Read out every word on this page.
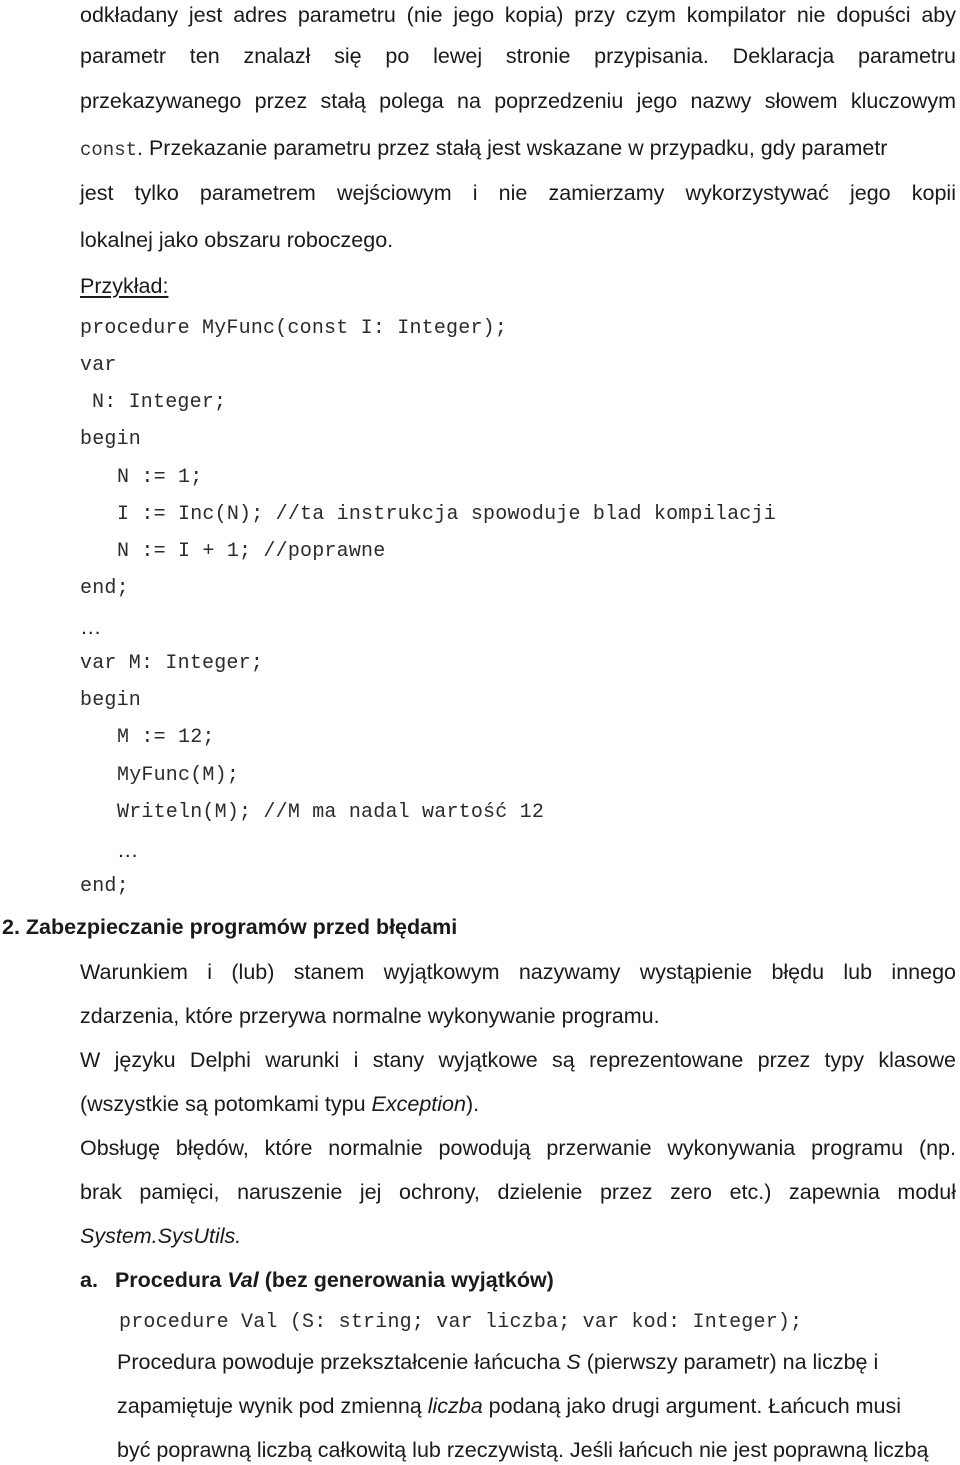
odkładany jest adres parametru (nie jego kopia) przy czym kompilator nie dopuści aby
parametr ten znalazł się po lewej stronie przypisania. Deklaracja parametru
przekazywanego przez stałą polega na poprzedzeniu jego nazwy słowem kluczowym
const. Przekazanie parametru przez stałą jest wskazane w przypadku, gdy parametr
jest tylko parametrem wejściowym i nie zamierzamy wykorzystywać jego kopii
lokalnej jako obszaru roboczego.
Przykład:
procedure MyFunc(const I: Integer);
var
N: Integer;
begin
N := 1;
I := Inc(N); //ta instrukcja spowoduje blad kompilacji
N := I + 1; //poprawne
end;
…
var M: Integer;
begin
M := 12;
MyFunc(M);
Writeln(M); //M ma nadal wartość 12
…
end;
2. Zabezpieczanie programów przed błędami
Warunkiem i (lub) stanem wyjątkowym nazywamy wystąpienie błędu lub innego
zdarzenia, które przerywa normalne wykonywanie programu.
W języku Delphi warunki i stany wyjątkowe są reprezentowane przez typy klasowe
(wszystkie są potomkami typu Exception).
Obsługę błędów, które normalnie powodują przerwanie wykonywania programu (np.
brak pamięci, naruszenie jej ochrony, dzielenie przez zero etc.) zapewnia moduł
System.SysUtils.
a. Procedura Val (bez generowania wyjątków)
procedure Val (S: string; var liczba; var kod: Integer);
Procedura powoduje przekształcenie łańcucha S (pierwszy parametr) na liczbę i
zapamiętuje wynik pod zmienną liczba podaną jako drugi argument. Łańcuch musi
być poprawną liczbą całkowitą lub rzeczywistą. Jeśli łańcuch nie jest poprawną liczbą
